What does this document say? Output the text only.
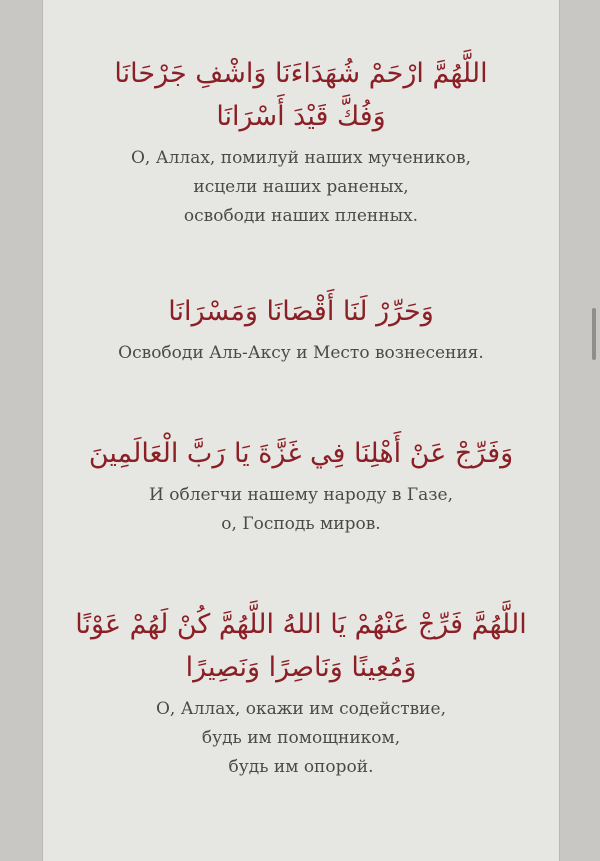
اللَّهُمَّ ارْحَمْ شُهَدَاءَنَا وَاشْفِ جَرْحَانَا
وَفُكَّ قَيْدَ أَسْرَانَا
О, Аллах, помилуй наших мучеников,
исцели наших раненых,
освободи наших пленных.
وَحَرِّرْ لَنَا أَقْصَانَا وَمَسْرَانَا
Освободи Аль-Аксу и Место вознесения.
وَفَرِّجْ عَنْ أَهْلِنَا فِي غَزَّةَ يَا رَبَّ الْعَالَمِينَ
И облегчи нашему народу в Газе,
о, Господь миров.
اللَّهُمَّ فَرِّجْ عَنْهُمْ يَا اللهُ اللَّهُمَّ كُنْ لَهُمْ عَوْنًا
وَمُعِينًا وَنَاصِرًا وَنَصِيرًا
О, Аллах, окажи им содействие,
будь им помощником,
будь им опорой.
